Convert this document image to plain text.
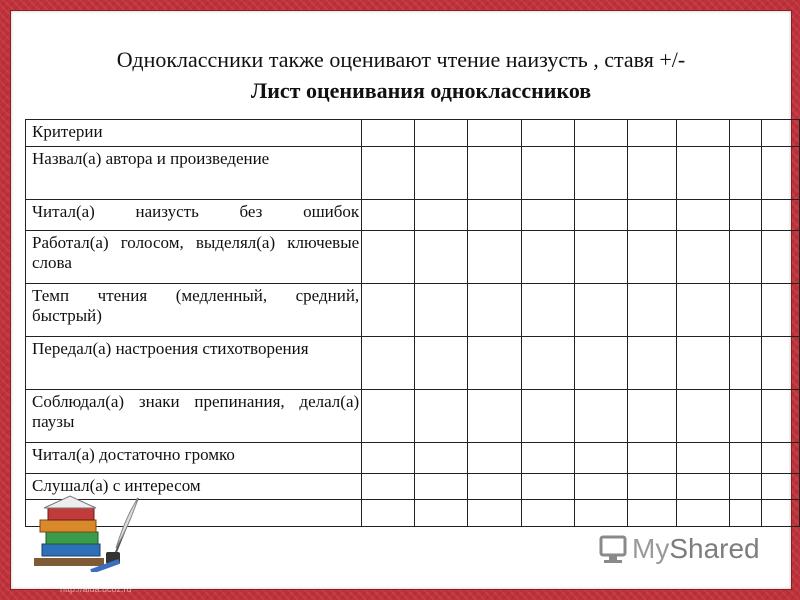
Одноклассники также оценивают чтение наизусть , ставя +/-
Лист оценивания одноклассников
Критерии									
Назвал(а) автора и произведение									
Читал(а) наизусть без ошибок									
Работал(а) голосом, выделял(а) ключевые слова									
Темп чтения (медленный, средний, быстрый)									
Передал(а) настроения стихотворения									
Соблюдал(а) знаки препинания, делал(а) паузы									
Читал(а) достаточно громко									
Слушал(а) с интересом									

My Shared
http://aida.ucoz.ru
